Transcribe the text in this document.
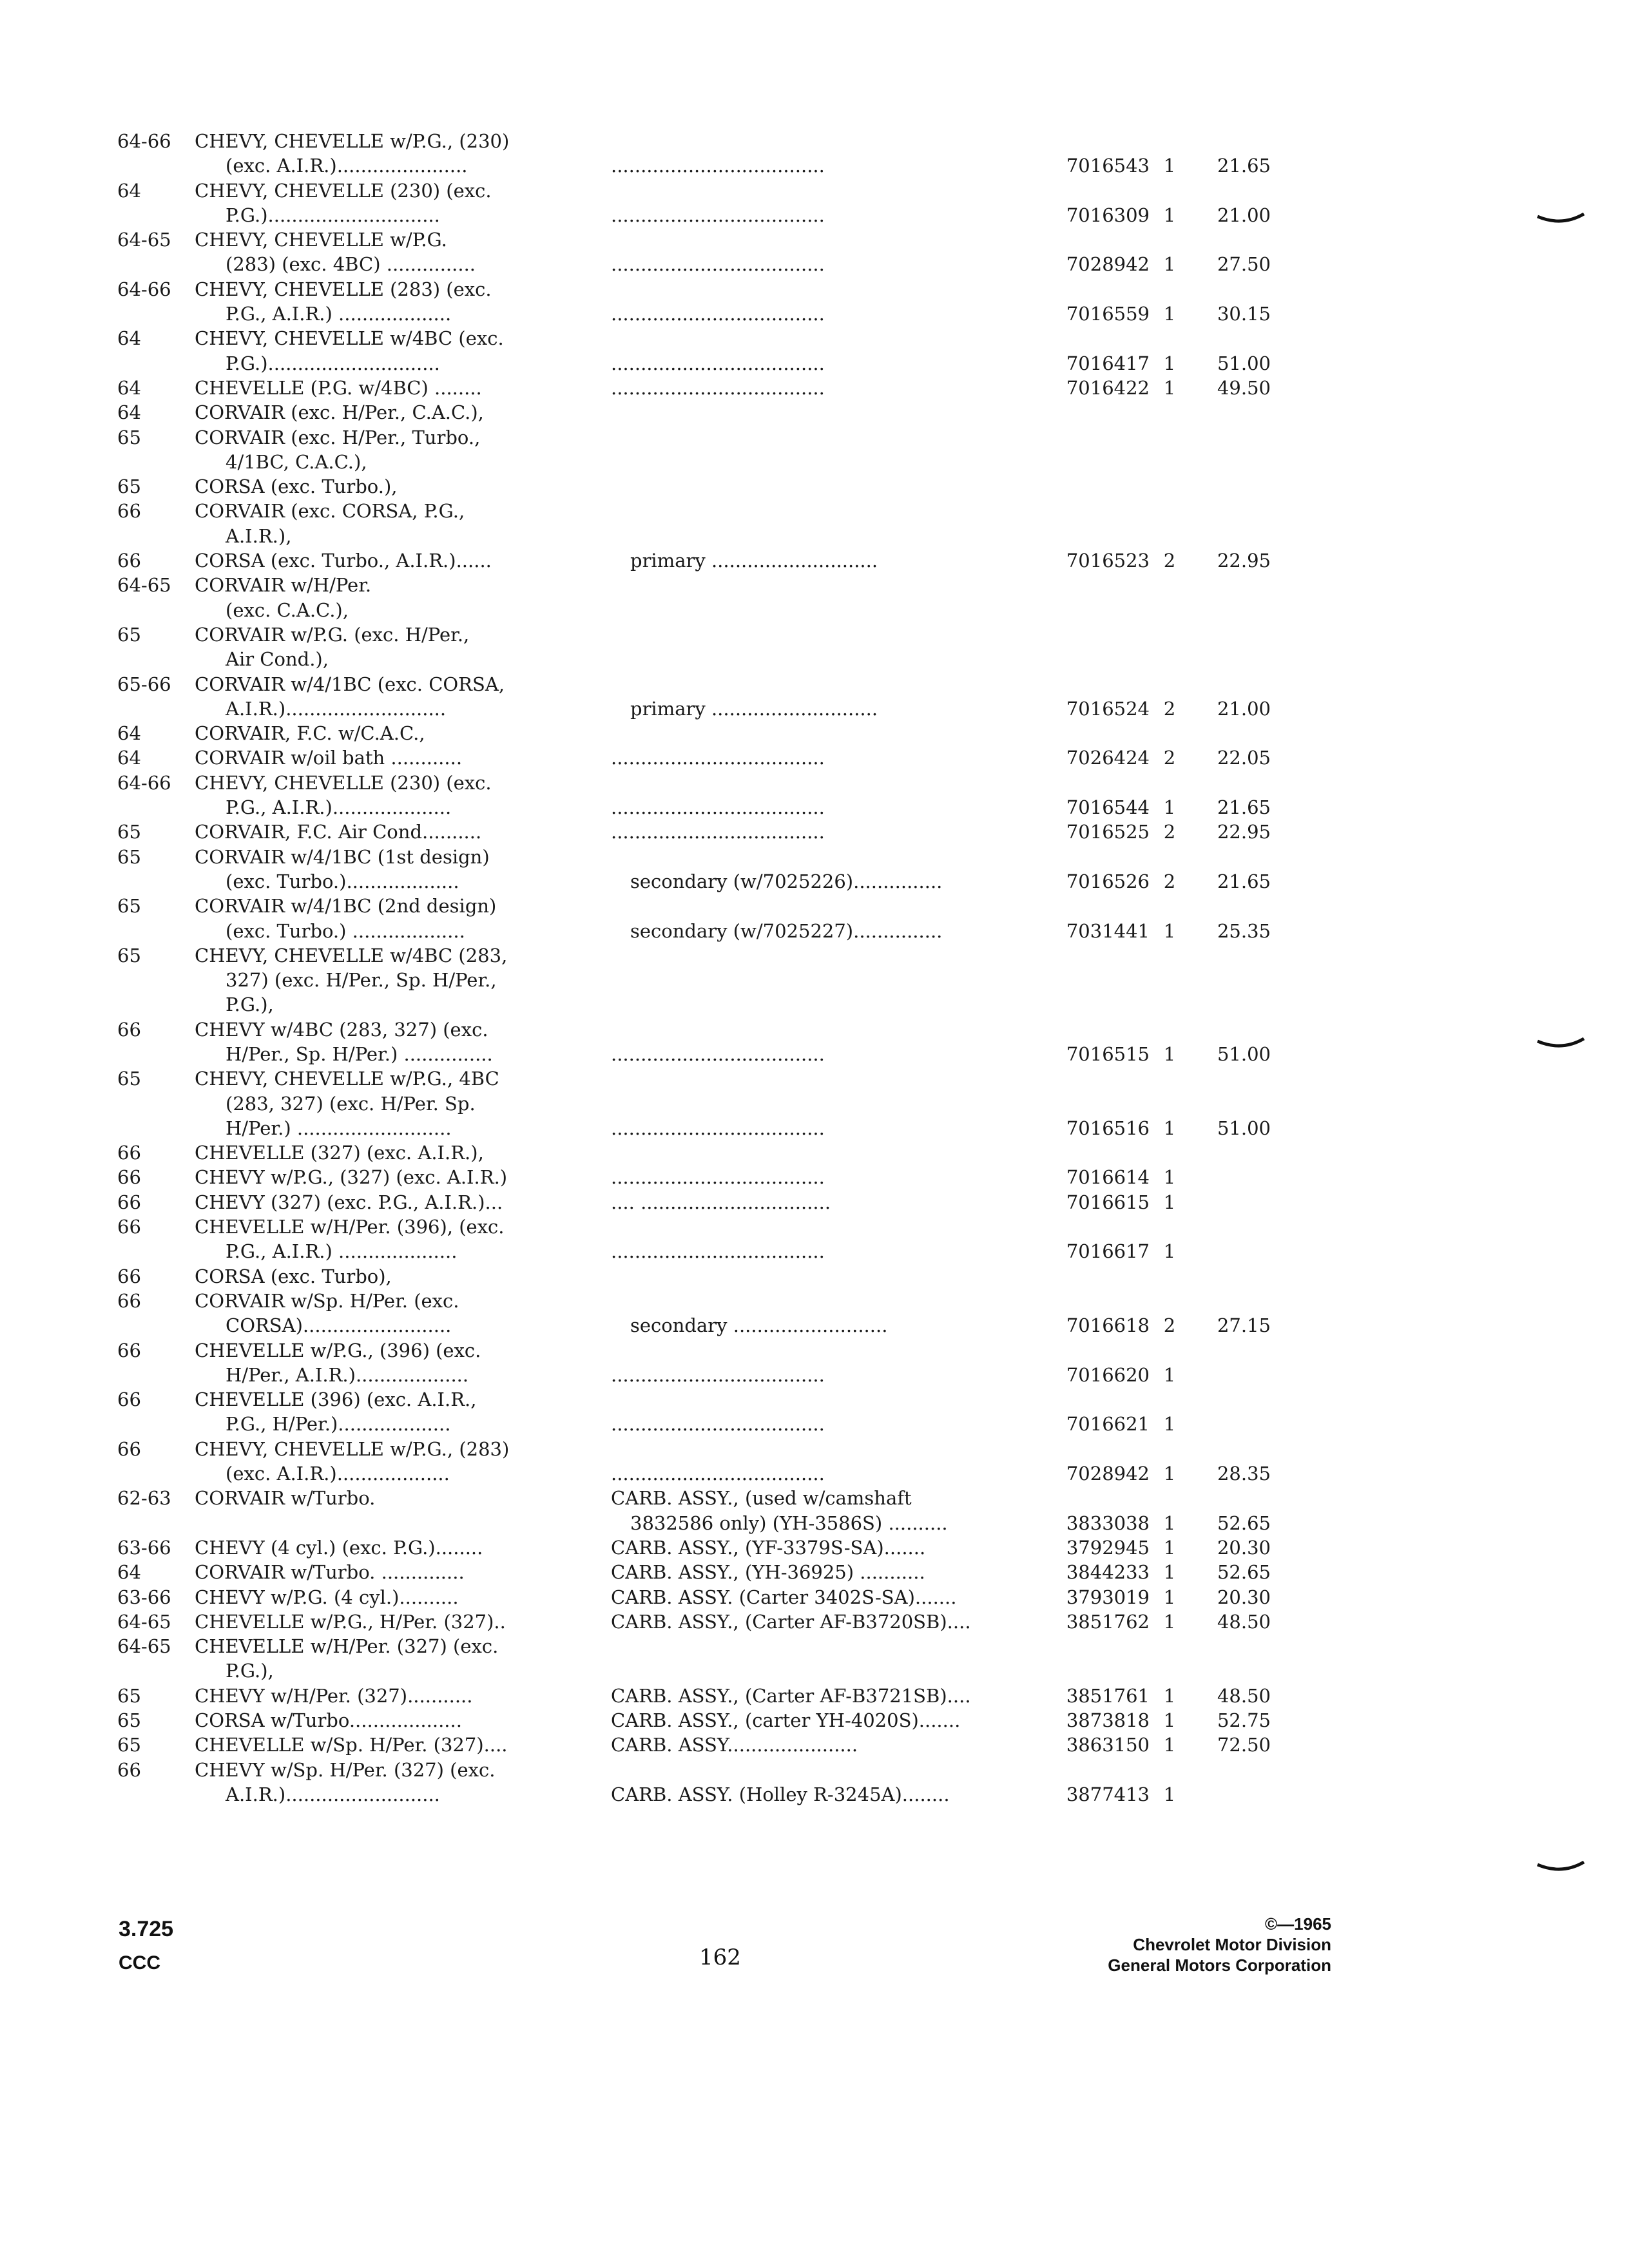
64-66
64
64-65
64-66
64
64
64
65
65
66
66
64-65
65
65-66
64
64
64-66
65
65
65
65
66
65
66
66
66
66
66
66
66
66
66
62-63
63-66
64
63-66
64-65
64-65
65
65
65
66
CHEVY, CHEVELLE w/P.G., (230)
(exc. A.I.R.)......................
CHEVY, CHEVELLE (230) (exc.
P.G.).............................
CHEVY, CHEVELLE w/P.G.
(283) (exc. 4BC) ...............
CHEVY, CHEVELLE (283) (exc.
P.G., A.I.R.) ...................
CHEVY, CHEVELLE w/4BC (exc.
P.G.).............................
CHEVELLE (P.G. w/4BC) ........
CORVAIR (exc. H/Per., C.A.C.),
CORVAIR (exc. H/Per., Turbo.,
4/1BC, C.A.C.),
CORSA (exc. Turbo.),
CORVAIR (exc. CORSA, P.G.,
A.I.R.),
CORSA (exc. Turbo., A.I.R.)......
CORVAIR w/H/Per.
(exc. C.A.C.),
CORVAIR w/P.G. (exc. H/Per.,
Air Cond.),
CORVAIR w/4/1BC (exc. CORSA,
A.I.R.)...........................
CORVAIR, F.C. w/C.A.C.,
CORVAIR w/oil bath ............
CHEVY, CHEVELLE (230) (exc.
P.G., A.I.R.)....................
CORVAIR, F.C. Air Cond..........
CORVAIR w/4/1BC (1st design)
(exc. Turbo.)...................
CORVAIR w/4/1BC (2nd design)
(exc. Turbo.) ...................
CHEVY, CHEVELLE w/4BC (283,
327) (exc. H/Per., Sp. H/Per.,
P.G.),
CHEVY w/4BC (283, 327) (exc.
H/Per., Sp. H/Per.) ...............
CHEVY, CHEVELLE w/P.G., 4BC
(283, 327) (exc. H/Per. Sp.
H/Per.) ..........................
CHEVELLE (327) (exc. A.I.R.),
CHEVY w/P.G., (327) (exc. A.I.R.)
CHEVY (327) (exc. P.G., A.I.R.)...
CHEVELLE w/H/Per. (396), (exc.
P.G., A.I.R.) ....................
CORSA (exc. Turbo),
CORVAIR w/Sp. H/Per. (exc.
CORSA).........................
CHEVELLE w/P.G., (396) (exc.
H/Per., A.I.R.)...................
CHEVELLE (396) (exc. A.I.R.,
P.G., H/Per.)...................
CHEVY, CHEVELLE w/P.G., (283)
(exc. A.I.R.)...................
CORVAIR w/Turbo.
CHEVY (4 cyl.) (exc. P.G.)........
CORVAIR w/Turbo. ..............
CHEVY w/P.G. (4 cyl.)..........
CHEVELLE w/P.G., H/Per. (327)..
CHEVELLE w/H/Per. (327) (exc.
P.G.),
CHEVY w/H/Per. (327)...........
CORSA w/Turbo...................
CHEVELLE w/Sp. H/Per. (327)....
CHEVY w/Sp. H/Per. (327) (exc.
A.I.R.)..........................
....................................
....................................
....................................
....................................
....................................
....................................
primary ............................
primary ............................
....................................
....................................
....................................
secondary (w/7025226)...............
secondary (w/7025227)...............
....................................
....................................
....................................
.... ................................
....................................
secondary ..........................
....................................
....................................
....................................
CARB. ASSY., (used w/camshaft
3832586 only) (YH-3586S) ..........
CARB. ASSY., (YF-3379S-SA).......
CARB. ASSY., (YH-36925) ...........
CARB. ASSY. (Carter 3402S-SA).......
CARB. ASSY., (Carter AF-B3720SB)....
CARB. ASSY., (Carter AF-B3721SB)....
CARB. ASSY., (carter YH-4020S).......
CARB. ASSY......................
CARB. ASSY. (Holley R-3245A)........
7016543
7016309
7028942
7016559
7016417
7016422
7016523
7016524
7026424
7016544
7016525
7016526
7031441
7016515
7016516
7016614
7016615
7016617
7016618
7016620
7016621
7028942
3833038
3792945
3844233
3793019
3851762
3851761
3873818
3863150
3877413
1
1
1
1
1
1
2
2
2
1
2
2
1
1
1
1
1
1
2
1
1
1
1
1
1
1
1
1
1
1
1
21.65
21.00
27.50
30.15
51.00
49.50
22.95
21.00
22.05
21.65
22.95
21.65
25.35
51.00
51.00
27.15
28.35
52.65
20.30
52.65
20.30
48.50
48.50
52.75
72.50
3.725
CCC	162
©—1965
Chevrolet Motor Division
General Motors Corporation
